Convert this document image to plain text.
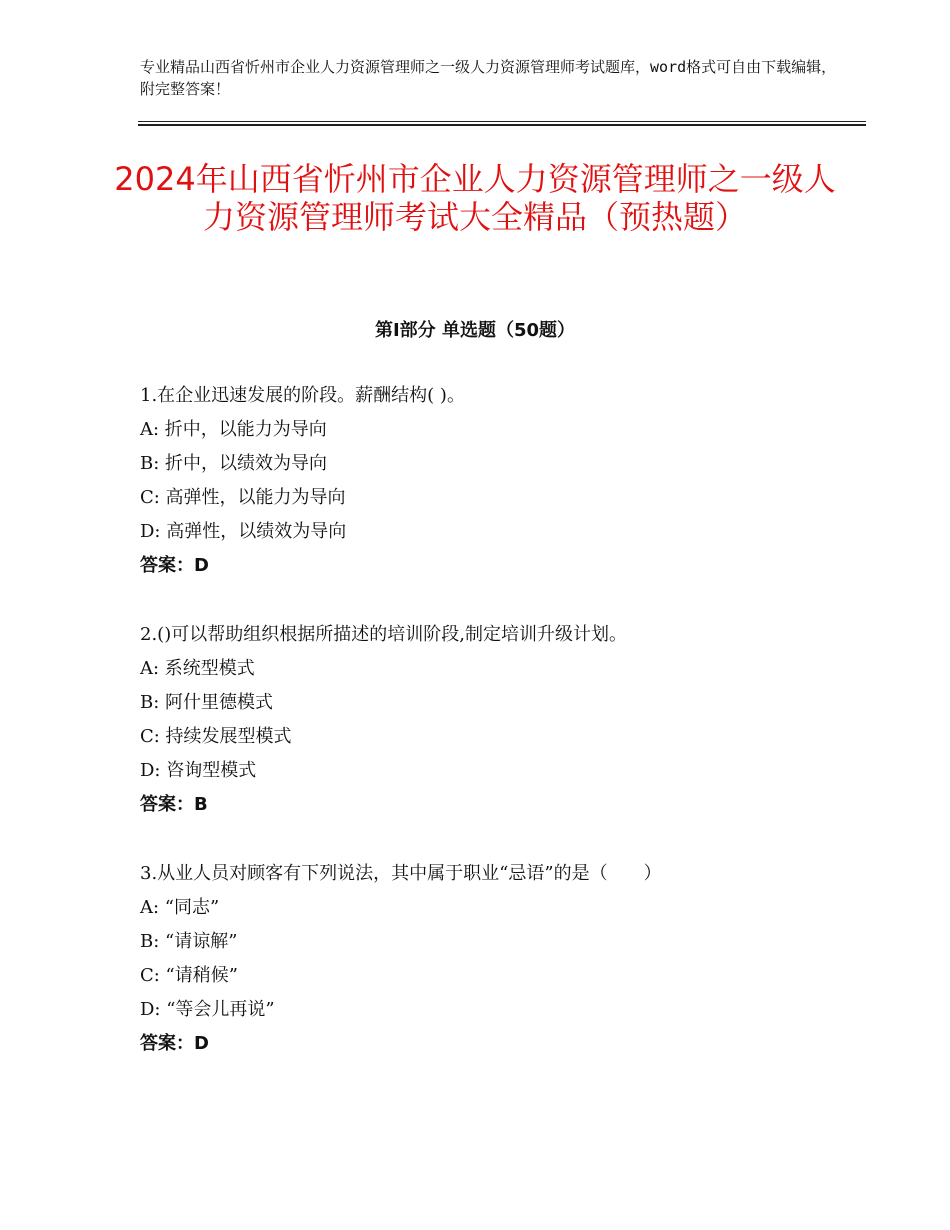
专业精品山西省忻州市企业人力资源管理师之一级人力资源管理师考试题库，word格式可自由下载编辑，附完整答案！
2024年山西省忻州市企业人力资源管理师之一级人力资源管理师考试大全精品（预热题）
第Ⅰ部分 单选题（50题）
1.在企业迅速发展的阶段。薪酬结构( )。
A: 折中，以能力为导向
B: 折中，以绩效为导向
C: 高弹性，以能力为导向
D: 高弹性，以绩效为导向
答案：D
2.()可以帮助组织根据所描述的培训阶段,制定培训升级计划。
A: 系统型模式
B: 阿什里德模式
C: 持续发展型模式
D: 咨询型模式
答案：B
3.从业人员对顾客有下列说法，其中属于职业“忌语”的是（　　）
A: “同志”
B: “请谅解”
C: “请稍候”
D: “等会儿再说”
答案：D
